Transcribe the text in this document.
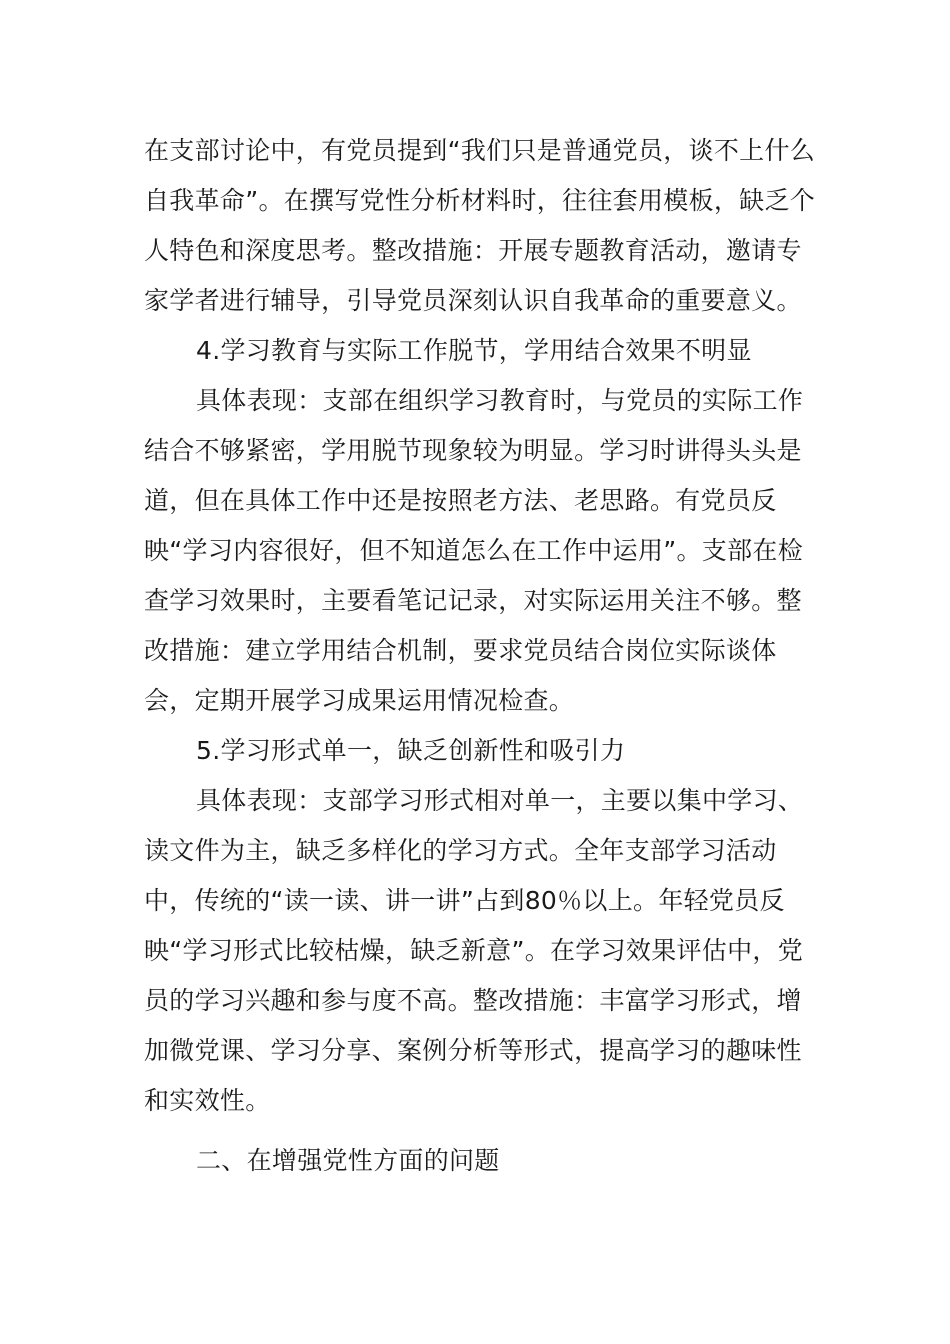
在支部讨论中，有党员提到“我们只是普通党员，谈不上什么自我革命”。在撰写党性分析材料时，往往套用模板，缺乏个人特色和深度思考。整改措施：开展专题教育活动，邀请专家学者进行辅导，引导党员深刻认识自我革命的重要意义。

4.学习教育与实际工作脱节，学用结合效果不明显

具体表现：支部在组织学习教育时，与党员的实际工作结合不够紧密，学用脱节现象较为明显。学习时讲得头头是道，但在具体工作中还是按照老方法、老思路。有党员反映“学习内容很好，但不知道怎么在工作中运用”。支部在检查学习效果时，主要看笔记记录，对实际运用关注不够。整改措施：建立学用结合机制，要求党员结合岗位实际谈体会，定期开展学习成果运用情况检查。

5.学习形式单一，缺乏创新性和吸引力

具体表现：支部学习形式相对单一，主要以集中学习、读文件为主，缺乏多样化的学习方式。全年支部学习活动中，传统的“读一读、讲一讲”占到80％以上。年轻党员反映“学习形式比较枯燥，缺乏新意”。在学习效果评估中，党员的学习兴趣和参与度不高。整改措施：丰富学习形式，增加微党课、学习分享、案例分析等形式，提高学习的趣味性和实效性。

二、在增强党性方面的问题
